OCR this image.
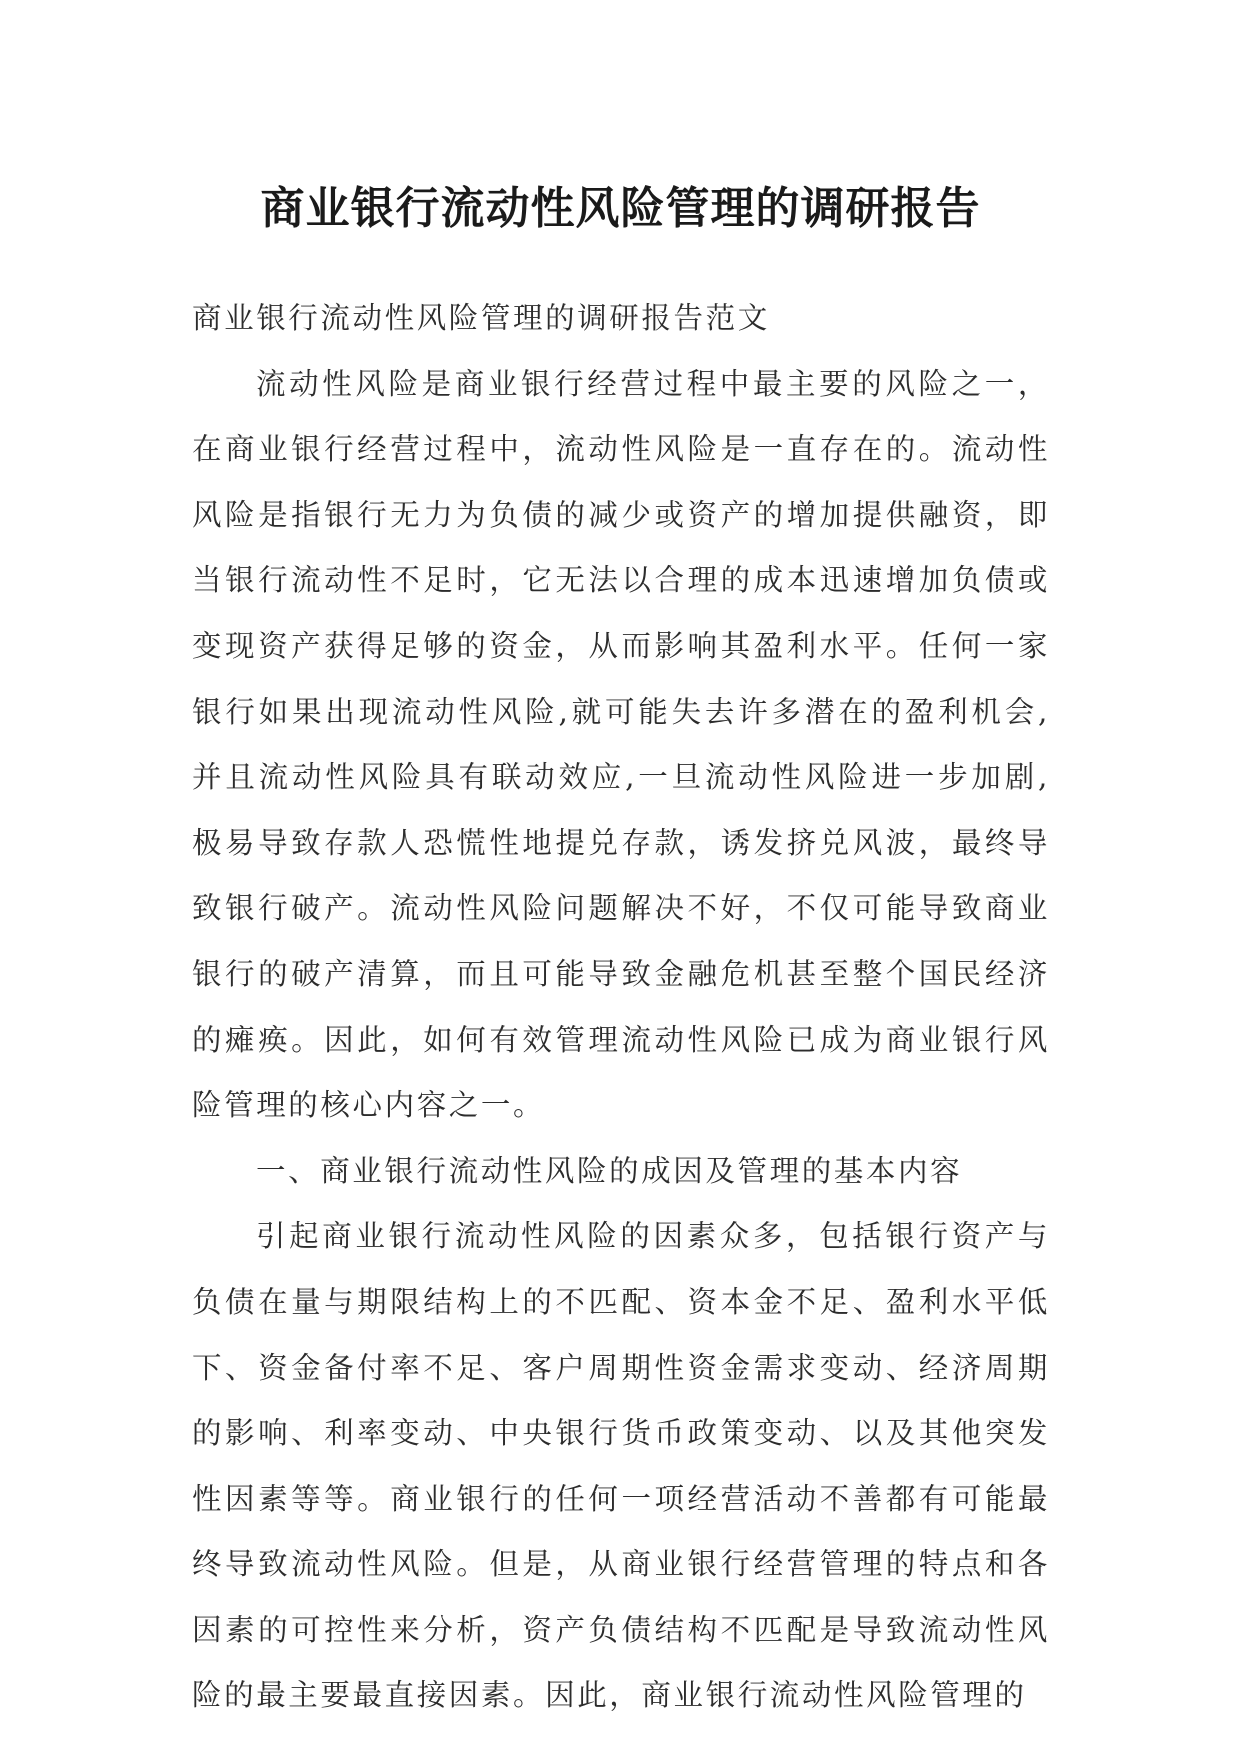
商业银行流动性风险管理的调研报告

商业银行流动性风险管理的调研报告范文

流动性风险是商业银行经营过程中最主要的风险之一，在商业银行经营过程中，流动性风险是一直存在的。流动性风险是指银行无力为负债的减少或资产的增加提供融资，即当银行流动性不足时，它无法以合理的成本迅速增加负债或变现资产获得足够的资金，从而影响其盈利水平。任何一家银行如果出现流动性风险,就可能失去许多潜在的盈利机会,并且流动性风险具有联动效应,一旦流动性风险进一步加剧,极易导致存款人恐慌性地提兑存款，诱发挤兑风波，最终导致银行破产。流动性风险问题解决不好，不仅可能导致商业银行的破产清算，而且可能导致金融危机甚至整个国民经济的瘫痪。因此，如何有效管理流动性风险已成为商业银行风险管理的核心内容之一。

一、商业银行流动性风险的成因及管理的基本内容

引起商业银行流动性风险的因素众多，包括银行资产与负债在量与期限结构上的不匹配、资本金不足、盈利水平低下、资金备付率不足、客户周期性资金需求变动、经济周期的影响、利率变动、中央银行货币政策变动、以及其他突发性因素等等。商业银行的任何一项经营活动不善都有可能最终导致流动性风险。但是，从商业银行经营管理的特点和各因素的可控性来分析，资产负债结构不匹配是导致流动性风险的最主要最直接因素。因此，商业银行流动性风险管理的
